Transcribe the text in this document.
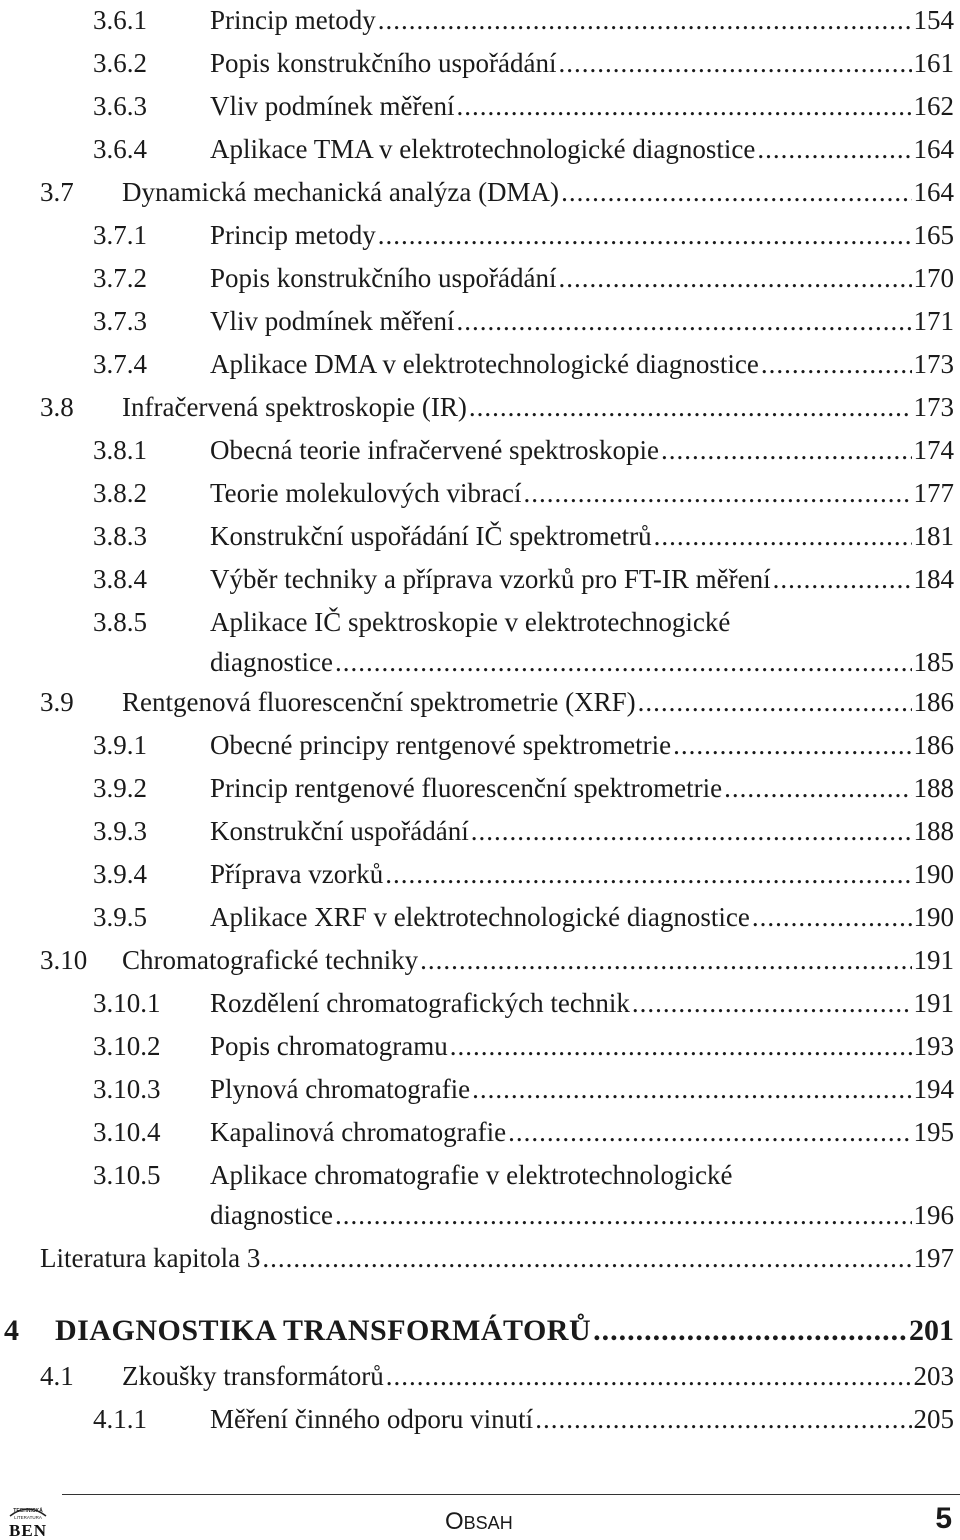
3.6.1 Princip metody .....	154
3.6.2 Popis konstrukčního uspořádání .....	161
3.6.3 Vliv podmínek měření .....	162
3.6.4 Aplikace TMA v elektrotechnologické diagnostice .....	164
3.7 Dynamická mechanická analýza (DMA) .....	164
3.7.1 Princip metody .....	165
3.7.2 Popis konstrukčního uspořádání .....	170
3.7.3 Vliv podmínek měření .....	171
3.7.4 Aplikace DMA v elektrotechnologické diagnostice .....	173
3.8 Infračervená spektroskopie (IR) .....	173
3.8.1 Obecná teorie infračervené spektroskopie .....	174
3.8.2 Teorie molekulových vibrací .....	177
3.8.3 Konstrukční uspořádání IČ spektrometrů .....	181
3.8.4 Výběr techniky a příprava vzorků pro FT-IR měření .....	184
3.8.5 Aplikace IČ spektroskopie v elektrotechnogické
diagnostice .....	185
3.9 Rentgenová fluorescenční spektrometrie (XRF) .....	186
3.9.1 Obecné principy rentgenové spektrometrie .....	186
3.9.2 Princip rentgenové fluorescenční spektrometrie .....	188
3.9.3 Konstrukční uspořádání .....	188
3.9.4 Příprava vzorků .....	190
3.9.5 Aplikace XRF v elektrotechnologické diagnostice .....	190
3.10 Chromatografické techniky .....	191
3.10.1 Rozdělení chromatografických technik .....	191
3.10.2 Popis chromatogramu .....	193
3.10.3 Plynová chromatografie .....	194
3.10.4 Kapalinová chromatografie .....	195
3.10.5 Aplikace chromatografie v elektrotechnologické
diagnostice .....	196
Literatura kapitola 3 .....	197
4 DIAGNOSTIKA TRANSFORMÁTORŮ .....	201
4.1 Zkoušky transformátorů .....	203
4.1.1 Měření činného odporu vinutí .....	205
TECHNICKÁ
LITERATURA
BEN	OBSAH	5
